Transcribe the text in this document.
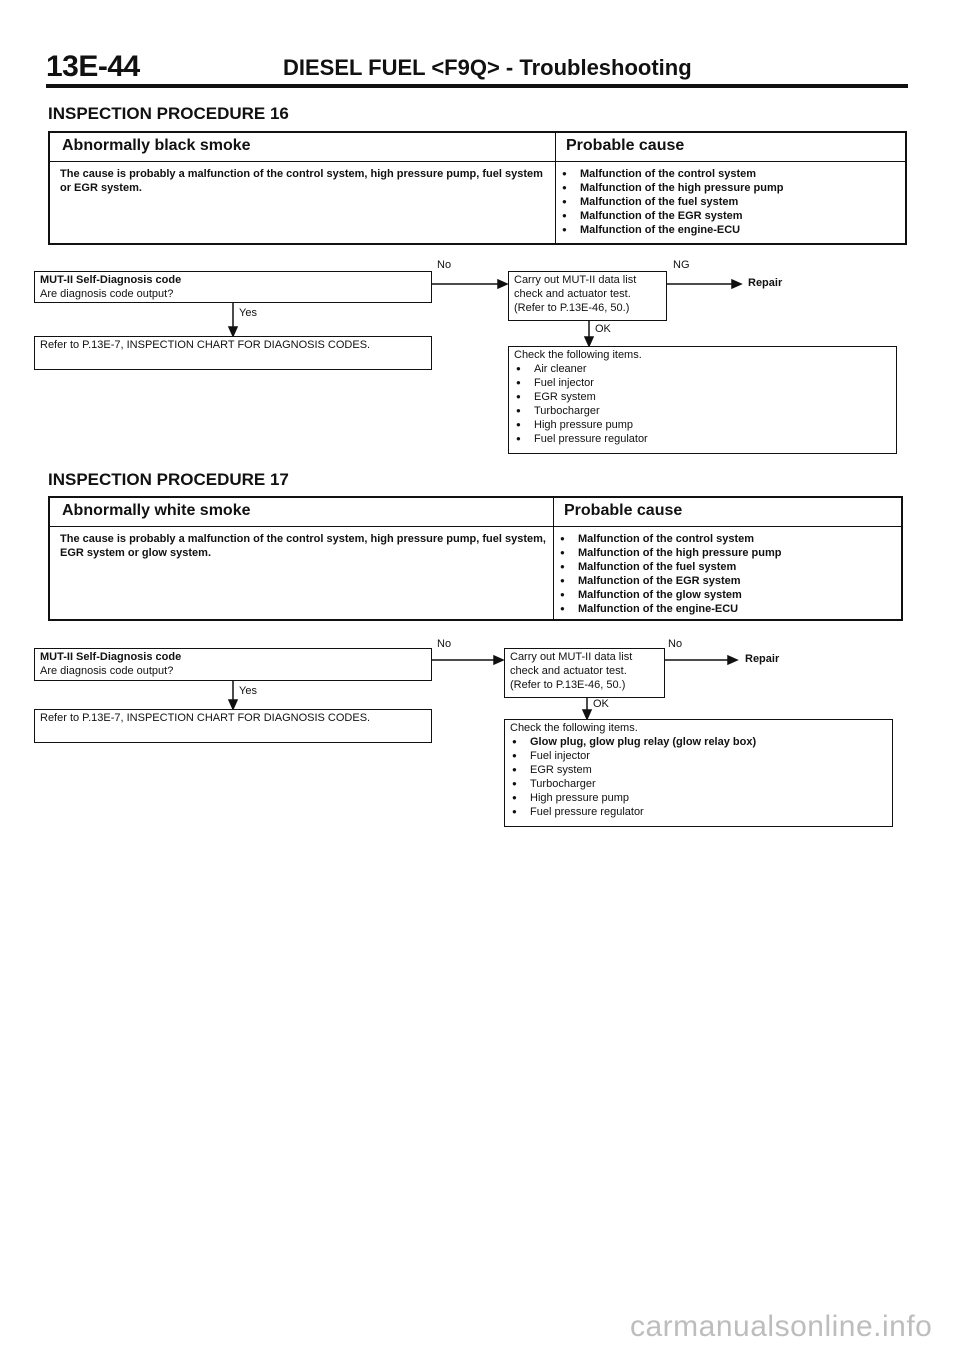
13E-44	DIESEL FUEL <F9Q> - Troubleshooting
INSPECTION PROCEDURE 16
Abnormally black smoke	Probable cause
The cause is probably a malfunction of the control system, high pressure pump, fuel system or EGR system.
● Malfunction of the control system
● Malfunction of the high pressure pump
● Malfunction of the fuel system
● Malfunction of the EGR system
● Malfunction of the engine-ECU
MUT-II Self-Diagnosis code
Are diagnosis code output?
No
Yes
Refer to P.13E-7, INSPECTION CHART FOR DIAGNOSIS CODES.
Carry out MUT-II data list
check and actuator test.
(Refer to P.13E-46, 50.)
NG
Repair
OK
Check the following items.
● Air cleaner
● Fuel injector
● EGR system
● Turbocharger
● High pressure pump
● Fuel pressure regulator
INSPECTION PROCEDURE 17
Abnormally white smoke	Probable cause
The cause is probably a malfunction of the control system, high pressure pump, fuel system, EGR system or glow system.
● Malfunction of the control system
● Malfunction of the high pressure pump
● Malfunction of the fuel system
● Malfunction of the EGR system
● Malfunction of the glow system
● Malfunction of the engine-ECU
MUT-II Self-Diagnosis code
Are diagnosis code output?
No
Yes
Refer to P.13E-7, INSPECTION CHART FOR DIAGNOSIS CODES.
Carry out MUT-II data list
check and actuator test.
(Refer to P.13E-46, 50.)
No
Repair
OK
Check the following items.
● Glow plug, glow plug relay (glow relay box)
● Fuel injector
● EGR system
● Turbocharger
● High pressure pump
● Fuel pressure regulator
carmanualsonline.info
